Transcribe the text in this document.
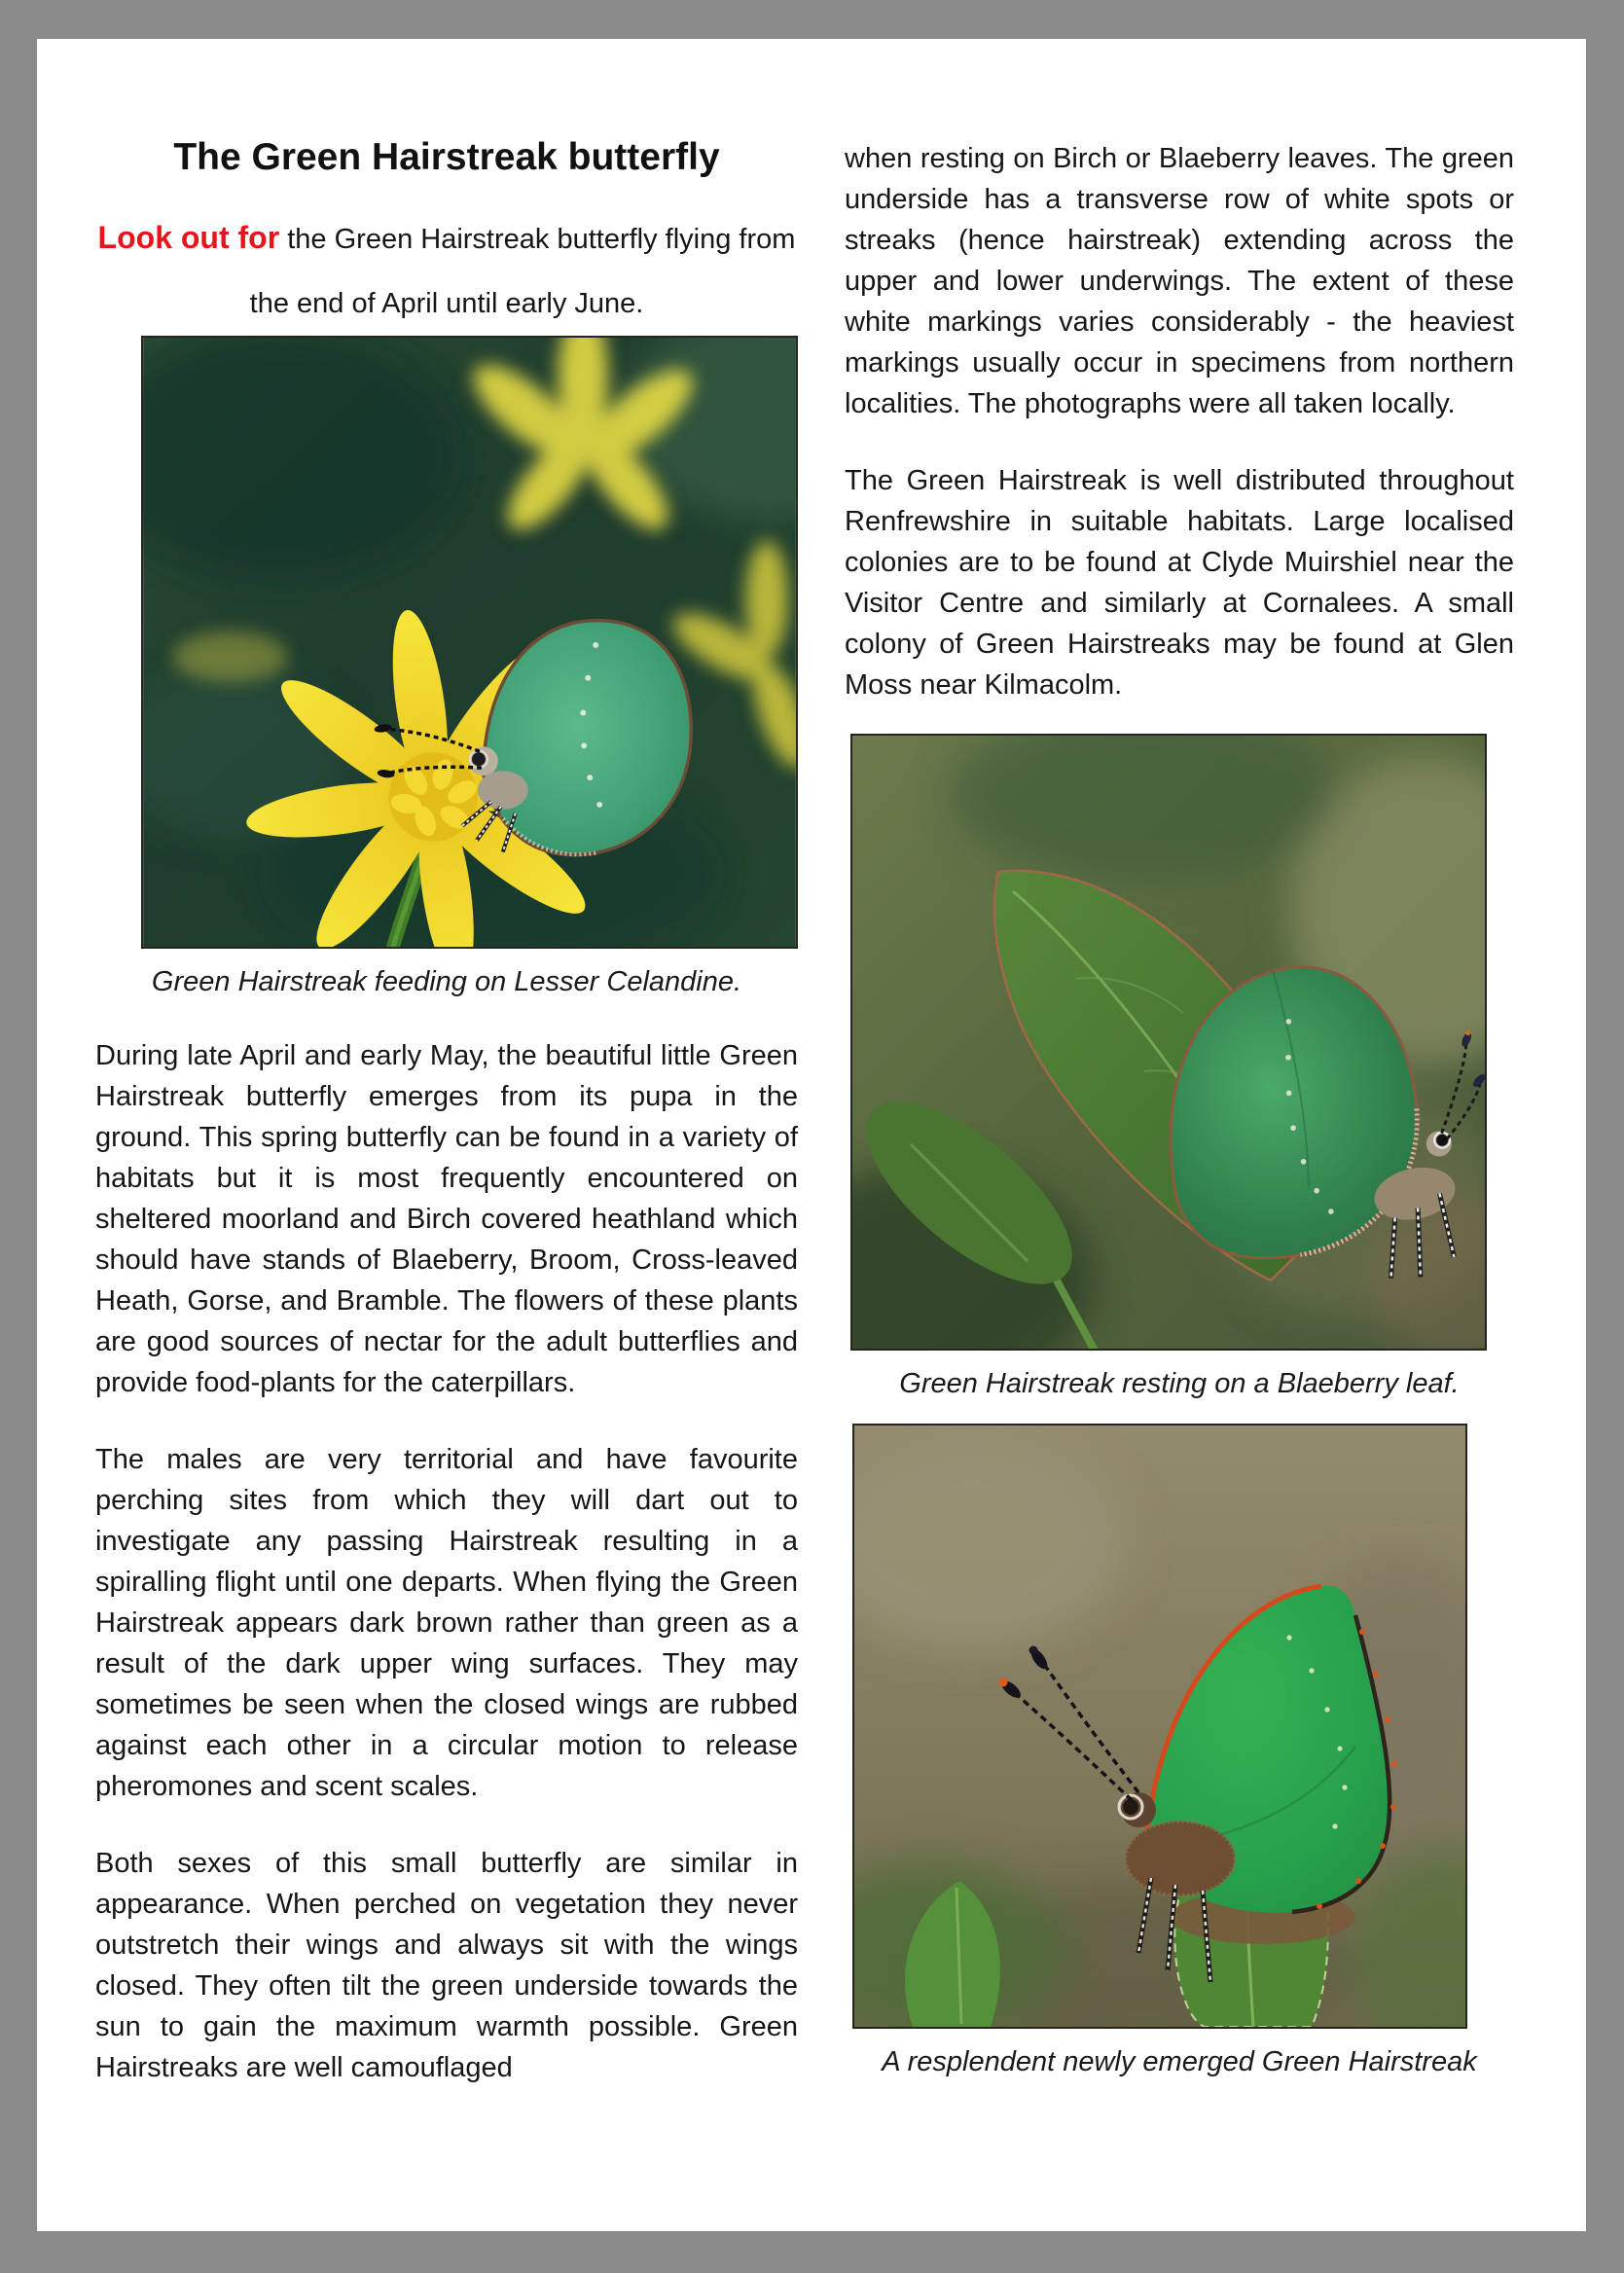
The Green Hairstreak butterfly

Look out for the Green Hairstreak butterfly flying from the end of April until early June.

Green Hairstreak feeding on Lesser Celandine.

During late April and early May, the beautiful little Green Hairstreak butterfly emerges from its pupa in the ground. This spring butterfly can be found in a variety of habitats but it is most frequently encountered on sheltered moorland and Birch covered heathland which should have stands of Blaeberry, Broom, Cross-leaved Heath, Gorse, and Bramble. The flowers of these plants are good sources of nectar for the adult butterflies and provide food-plants for the caterpillars.

The males are very territorial and have favourite perching sites from which they will dart out to investigate any passing Hairstreak resulting in a spiralling flight until one departs. When flying the Green Hairstreak appears dark brown rather than green as a result of the dark upper wing surfaces. They may sometimes be seen when the closed wings are rubbed against each other in a circular motion to release pheromones and scent scales.

Both sexes of this small butterfly are similar in appearance. When perched on vegetation they never outstretch their wings and always sit with the wings closed. They often tilt the green underside towards the sun to gain the maximum warmth possible. Green Hairstreaks are well camouflaged

when resting on Birch or Blaeberry leaves. The green underside has a transverse row of white spots or streaks (hence hairstreak) extending across the upper and lower underwings. The extent of these white markings varies considerably - the heaviest markings usually occur in specimens from northern localities. The photographs were all taken locally.

The Green Hairstreak is well distributed throughout Renfrewshire in suitable habitats. Large localised colonies are to be found at Clyde Muirshiel near the Visitor Centre and similarly at Cornalees. A small colony of Green Hairstreaks may be found at Glen Moss near Kilmacolm.

Green Hairstreak resting on a Blaeberry leaf.
A resplendent newly emerged Green Hairstreak
